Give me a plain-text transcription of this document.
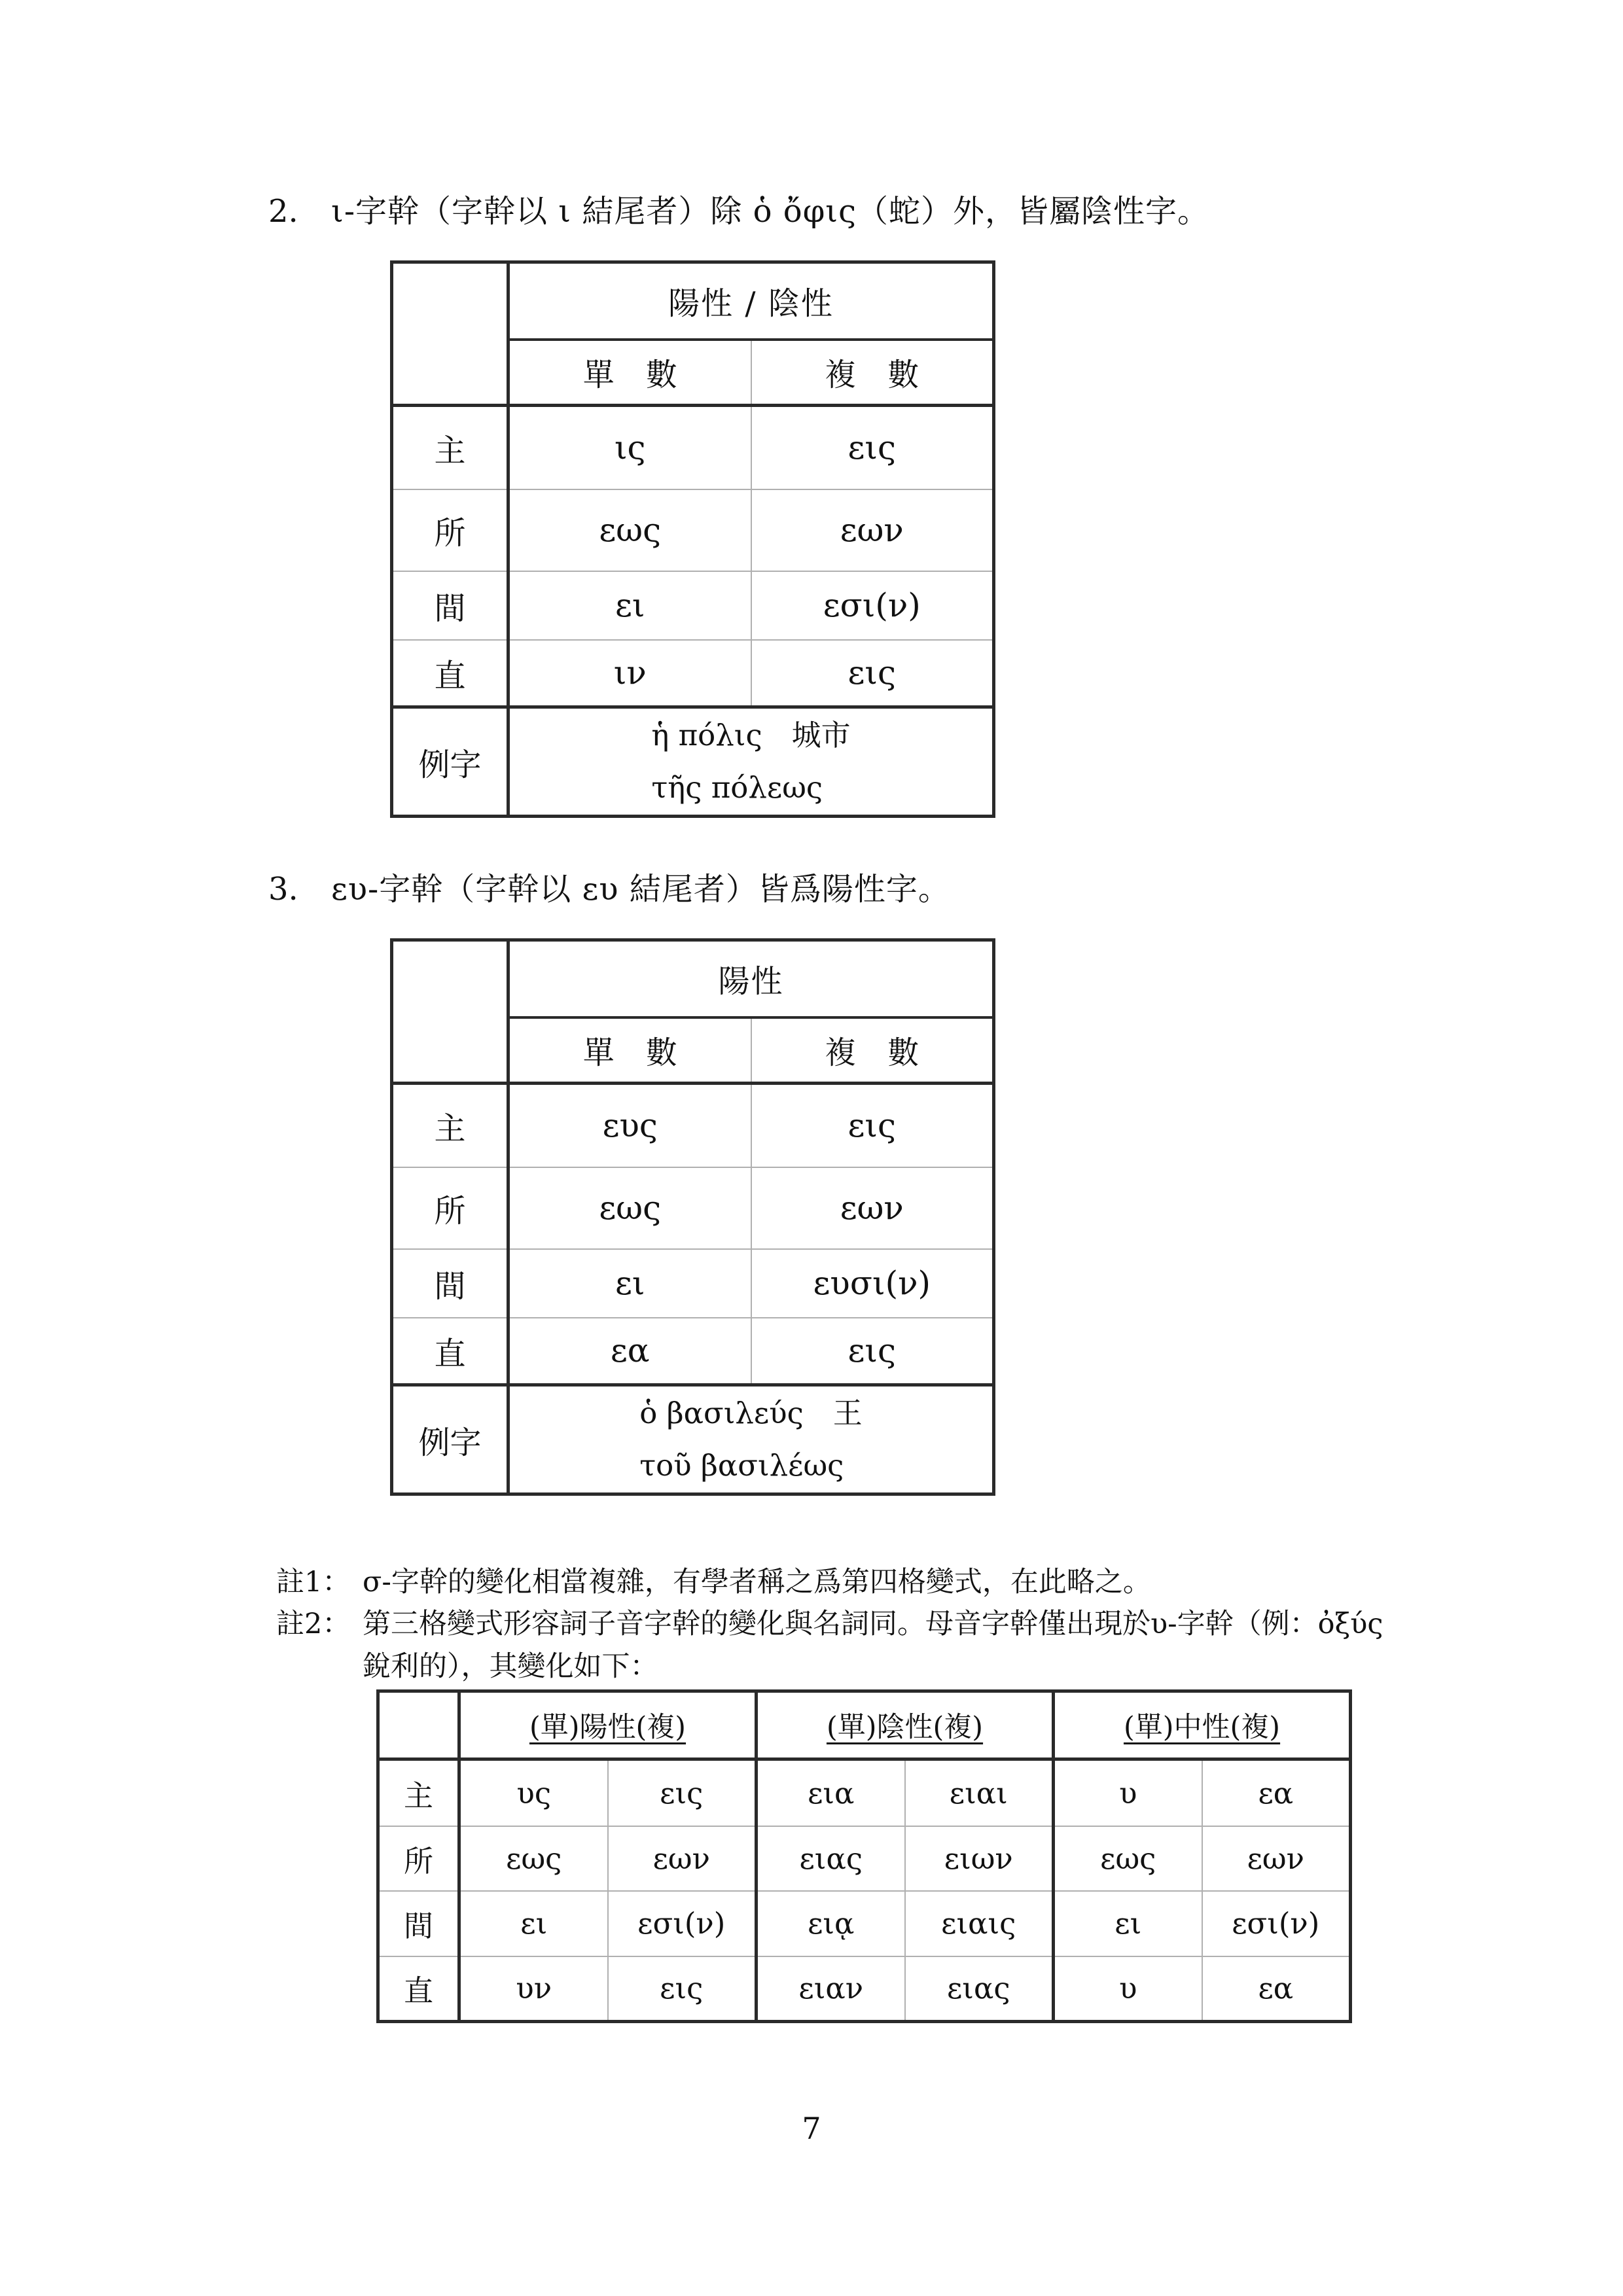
2. ι-字幹（字幹以 ι 結尾者）除 ὁ ὄφις（蛇）外，皆屬陰性字。
	陽性 / 陰性	
	單　數	複　數
主	ις	εις
所	εως	εων
間	ει	εσι(ν)
直	ιν	εις
例字	ἡ πόλις　城市
τῆς πόλεως	
3. ευ-字幹（字幹以 ευ 結尾者）皆爲陽性字。
	陽性	
	單　數	複　數
主	ευς	εις
所	εως	εων
間	ει	ευσι(ν)
直	εα	εις
例字	ὁ βασιλεύς　王
τοῦ βασιλέως	
註1： σ-字幹的變化相當複雜，有學者稱之爲第四格變式，在此略之。
註2： 第三格變式形容詞子音字幹的變化與名詞同。母音字幹僅出現於υ-字幹（例：ὀξύς
銳利的），其變化如下：
	(單)陽性(複)		(單)陰性(複)		(單)中性(複)	
主	υς	εις	εια	ειαι	υ	εα
所	εως	εων	ειας	ειων	εως	εων
間	ει	εσι(ν)	ειᾳ	ειαις	ει	εσι(ν)
直	υν	εις	ειαν	ειας	υ	εα
7
